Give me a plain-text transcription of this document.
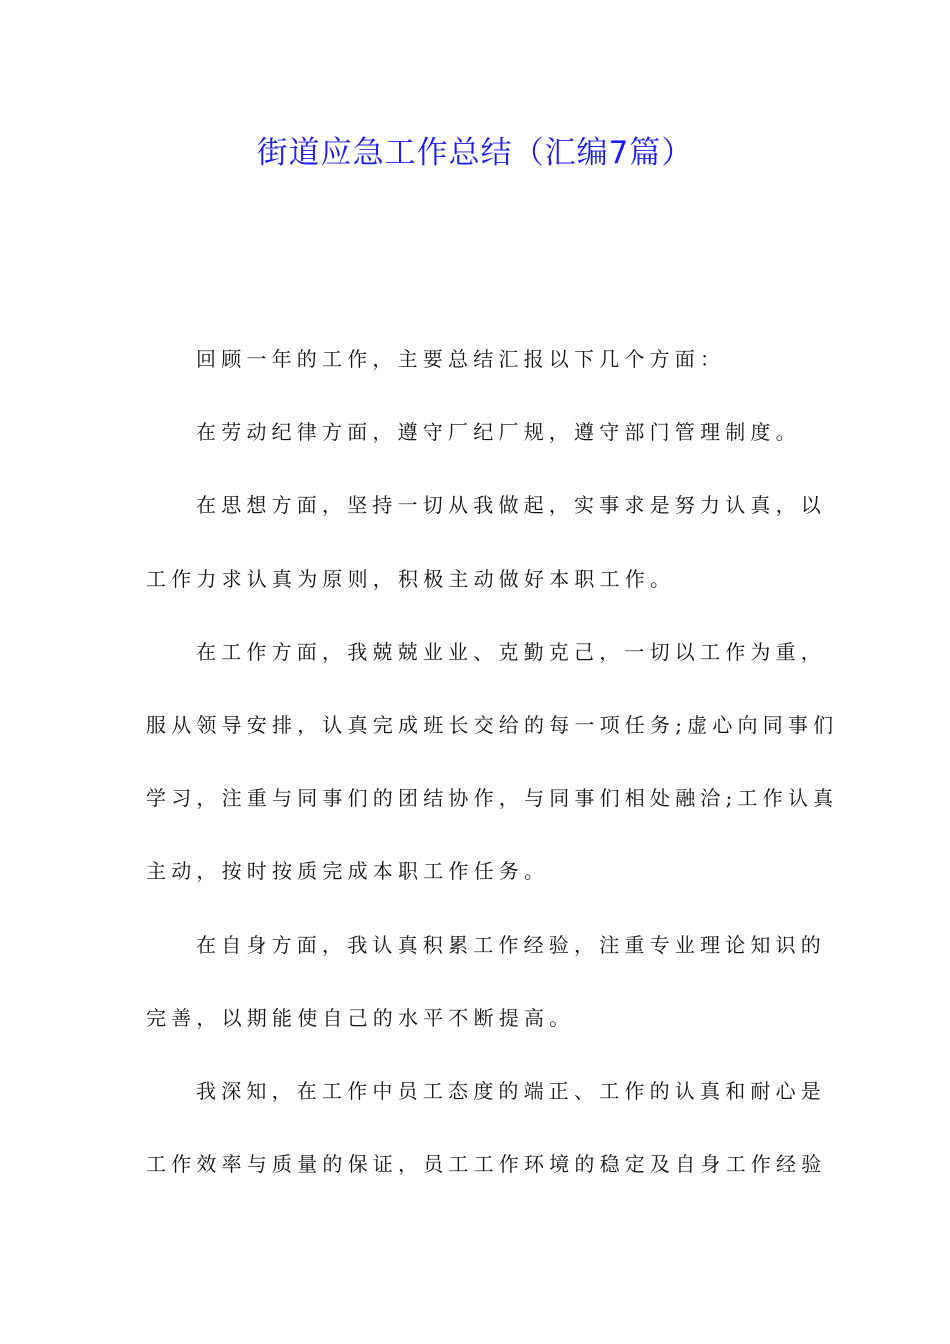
街道应急工作总结（汇编7篇）
回顾一年的工作，主要总结汇报以下几个方面：
在劳动纪律方面，遵守厂纪厂规，遵守部门管理制度。
在思想方面，坚持一切从我做起，实事求是努力认真，以
工作力求认真为原则，积极主动做好本职工作。
在工作方面，我兢兢业业、克勤克己，一切以工作为重，
服从领导安排，认真完成班长交给的每一项任务;虚心向同事们
学习，注重与同事们的团结协作，与同事们相处融洽;工作认真
主动，按时按质完成本职工作任务。
在自身方面，我认真积累工作经验，注重专业理论知识的
完善，以期能使自己的水平不断提高。
我深知，在工作中员工态度的端正、工作的认真和耐心是
工作效率与质量的保证，员工工作环境的稳定及自身工作经验
